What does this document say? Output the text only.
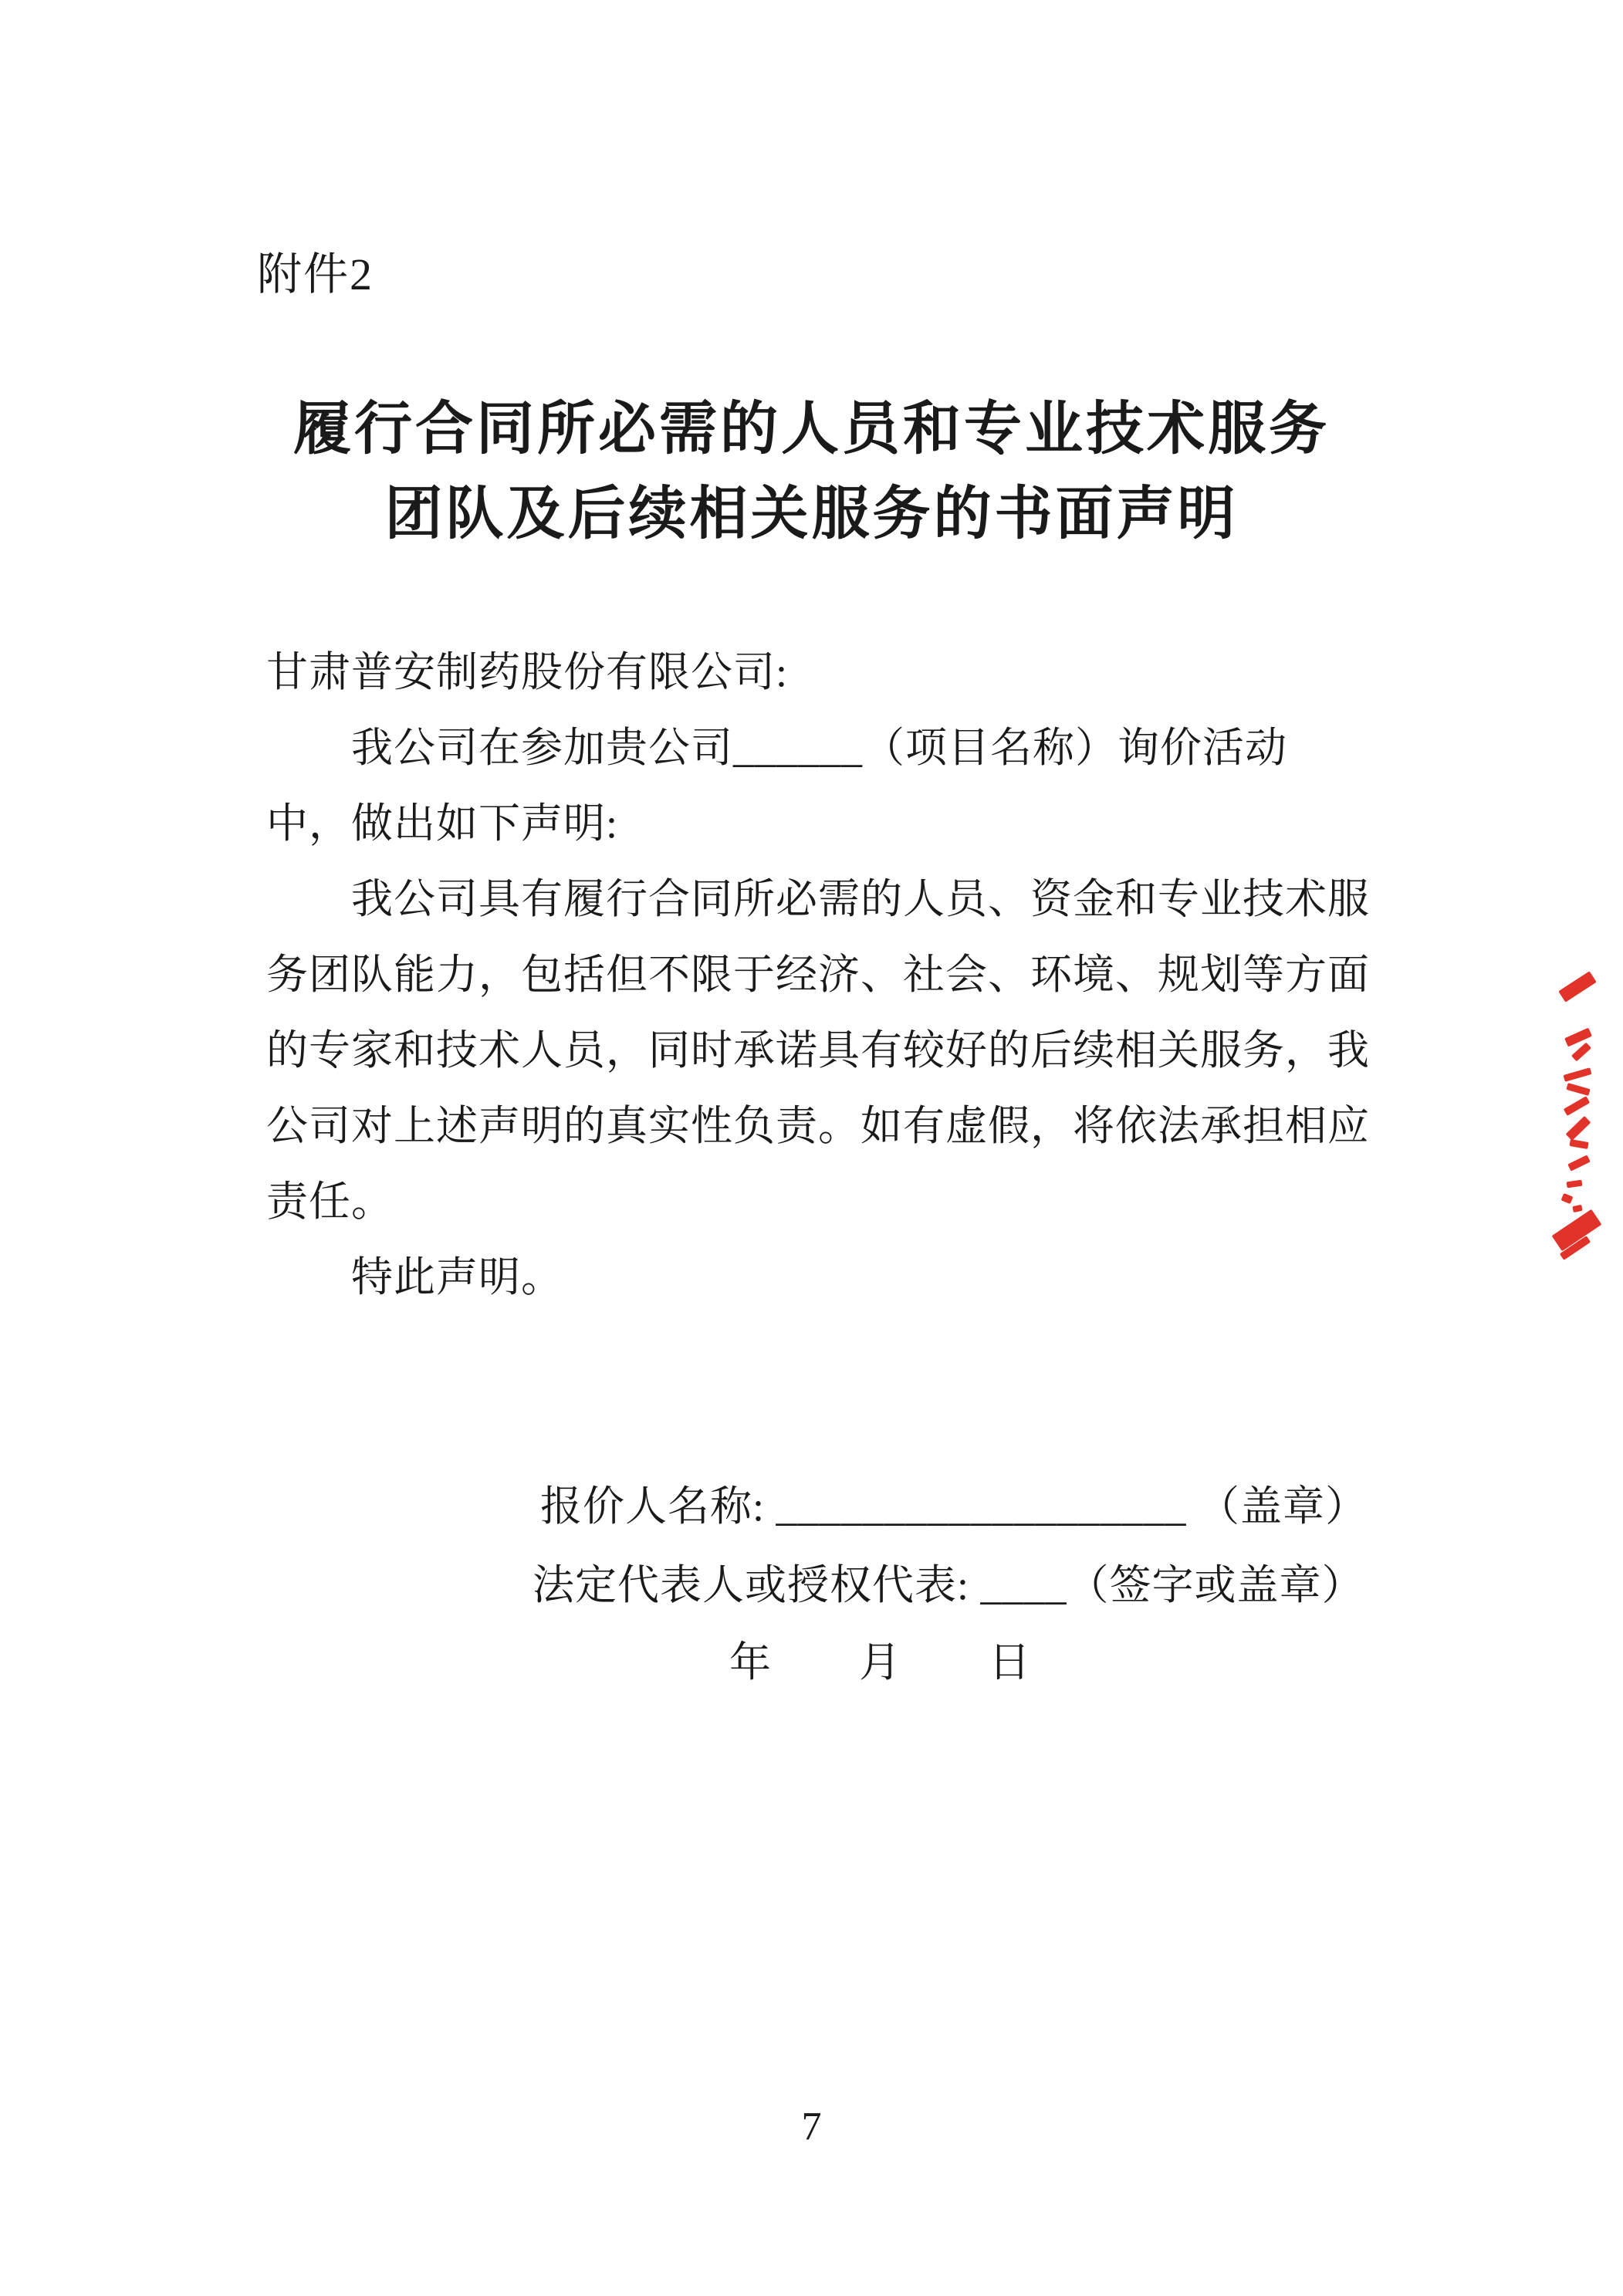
附件2
履行合同所必需的人员和专业技术服务
团队及后续相关服务的书面声明
甘肃普安制药股份有限公司:
　　我公司在参加贵公司______（项目名称）询价活动
中，做出如下声明:
　　我公司具有履行合同所必需的人员、资金和专业技术服
务团队能力，包括但不限于经济、社会、环境、规划等方面
的专家和技术人员，同时承诺具有较好的后续相关服务，我
公司对上述声明的真实性负责。如有虚假，将依法承担相应
责任。
　　特此声明。
报价人名称: ___________________ （盖章）
法定代表人或授权代表: ____（签字或盖章）
年　　月　　日
7
